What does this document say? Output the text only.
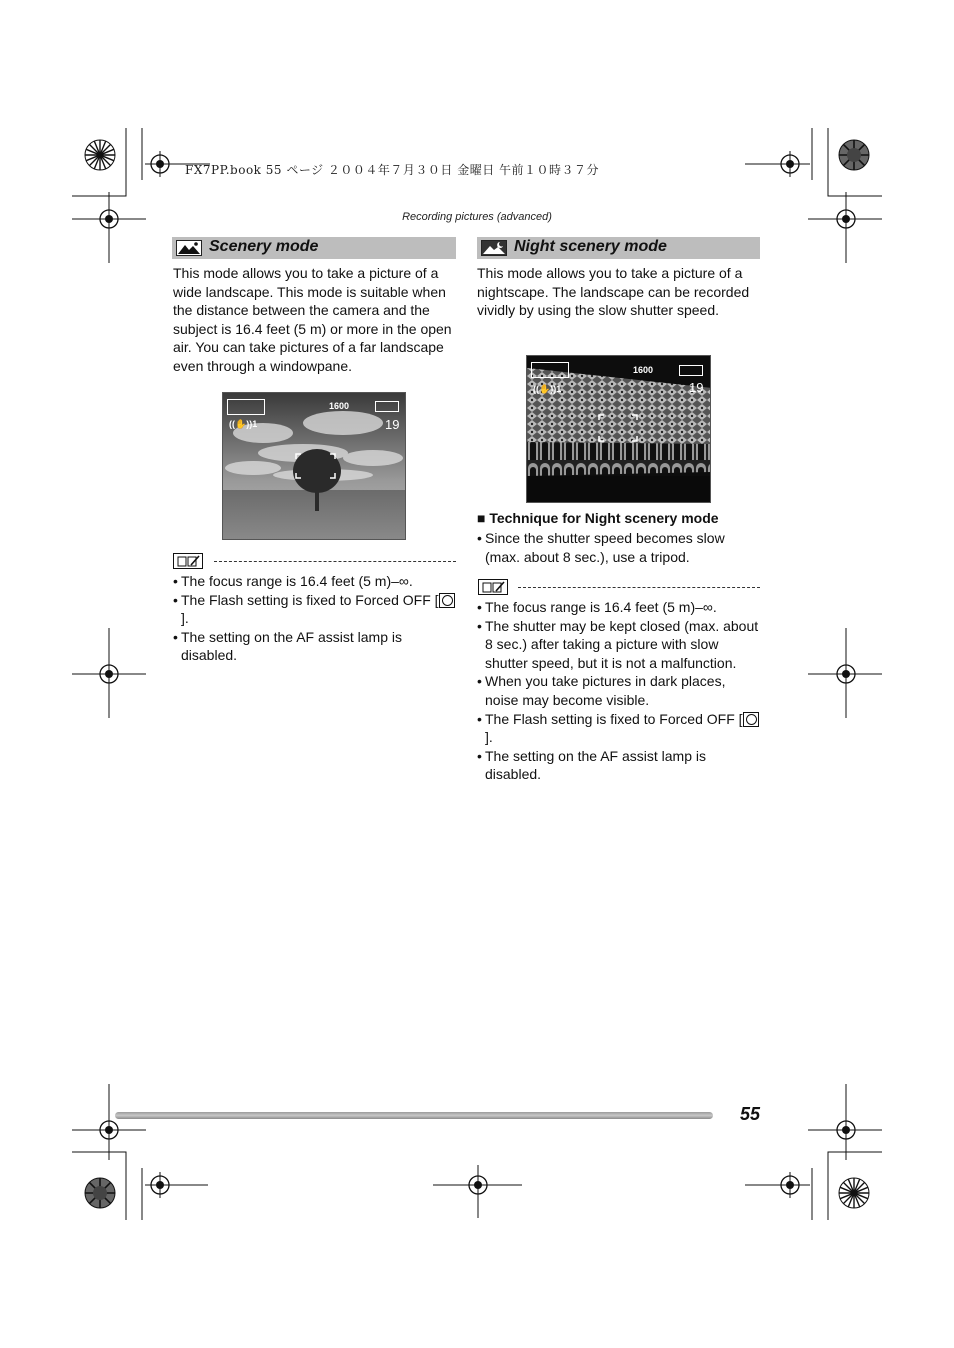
FX7PP.book 55 ページ ２００４年７月３０日 金曜日 午前１０時３７分
Recording pictures (advanced)
Scenery mode

This mode allows you to take a picture of a wide landscape. This mode is suitable when the distance between the camera and the subject is 16.4 feet (5 m) or more in the open air. You can take pictures of a far landscape even through a windowpane.

1600
((✋))1	19
• The focus range is 16.4 feet (5 m)–∞.
• The Flash setting is fixed to Forced OFF [].
• The setting on the AF assist lamp is disabled.
Night scenery mode

This mode allows you to take a picture of a nightscape. The landscape can be recorded vividly by using the slow shutter speed.

1600
((✋))1	19
■ Technique for Night scenery mode
• Since the shutter speed becomes slow (max. about 8 sec.), use a tripod.
• The focus range is 16.4 feet (5 m)–∞.
• The shutter may be kept closed (max. about 8 sec.) after taking a picture with slow shutter speed, but it is not a malfunction.
• When you take pictures in dark places, noise may become visible.
• The Flash setting is fixed to Forced OFF [].
• The setting on the AF assist lamp is disabled.
55
